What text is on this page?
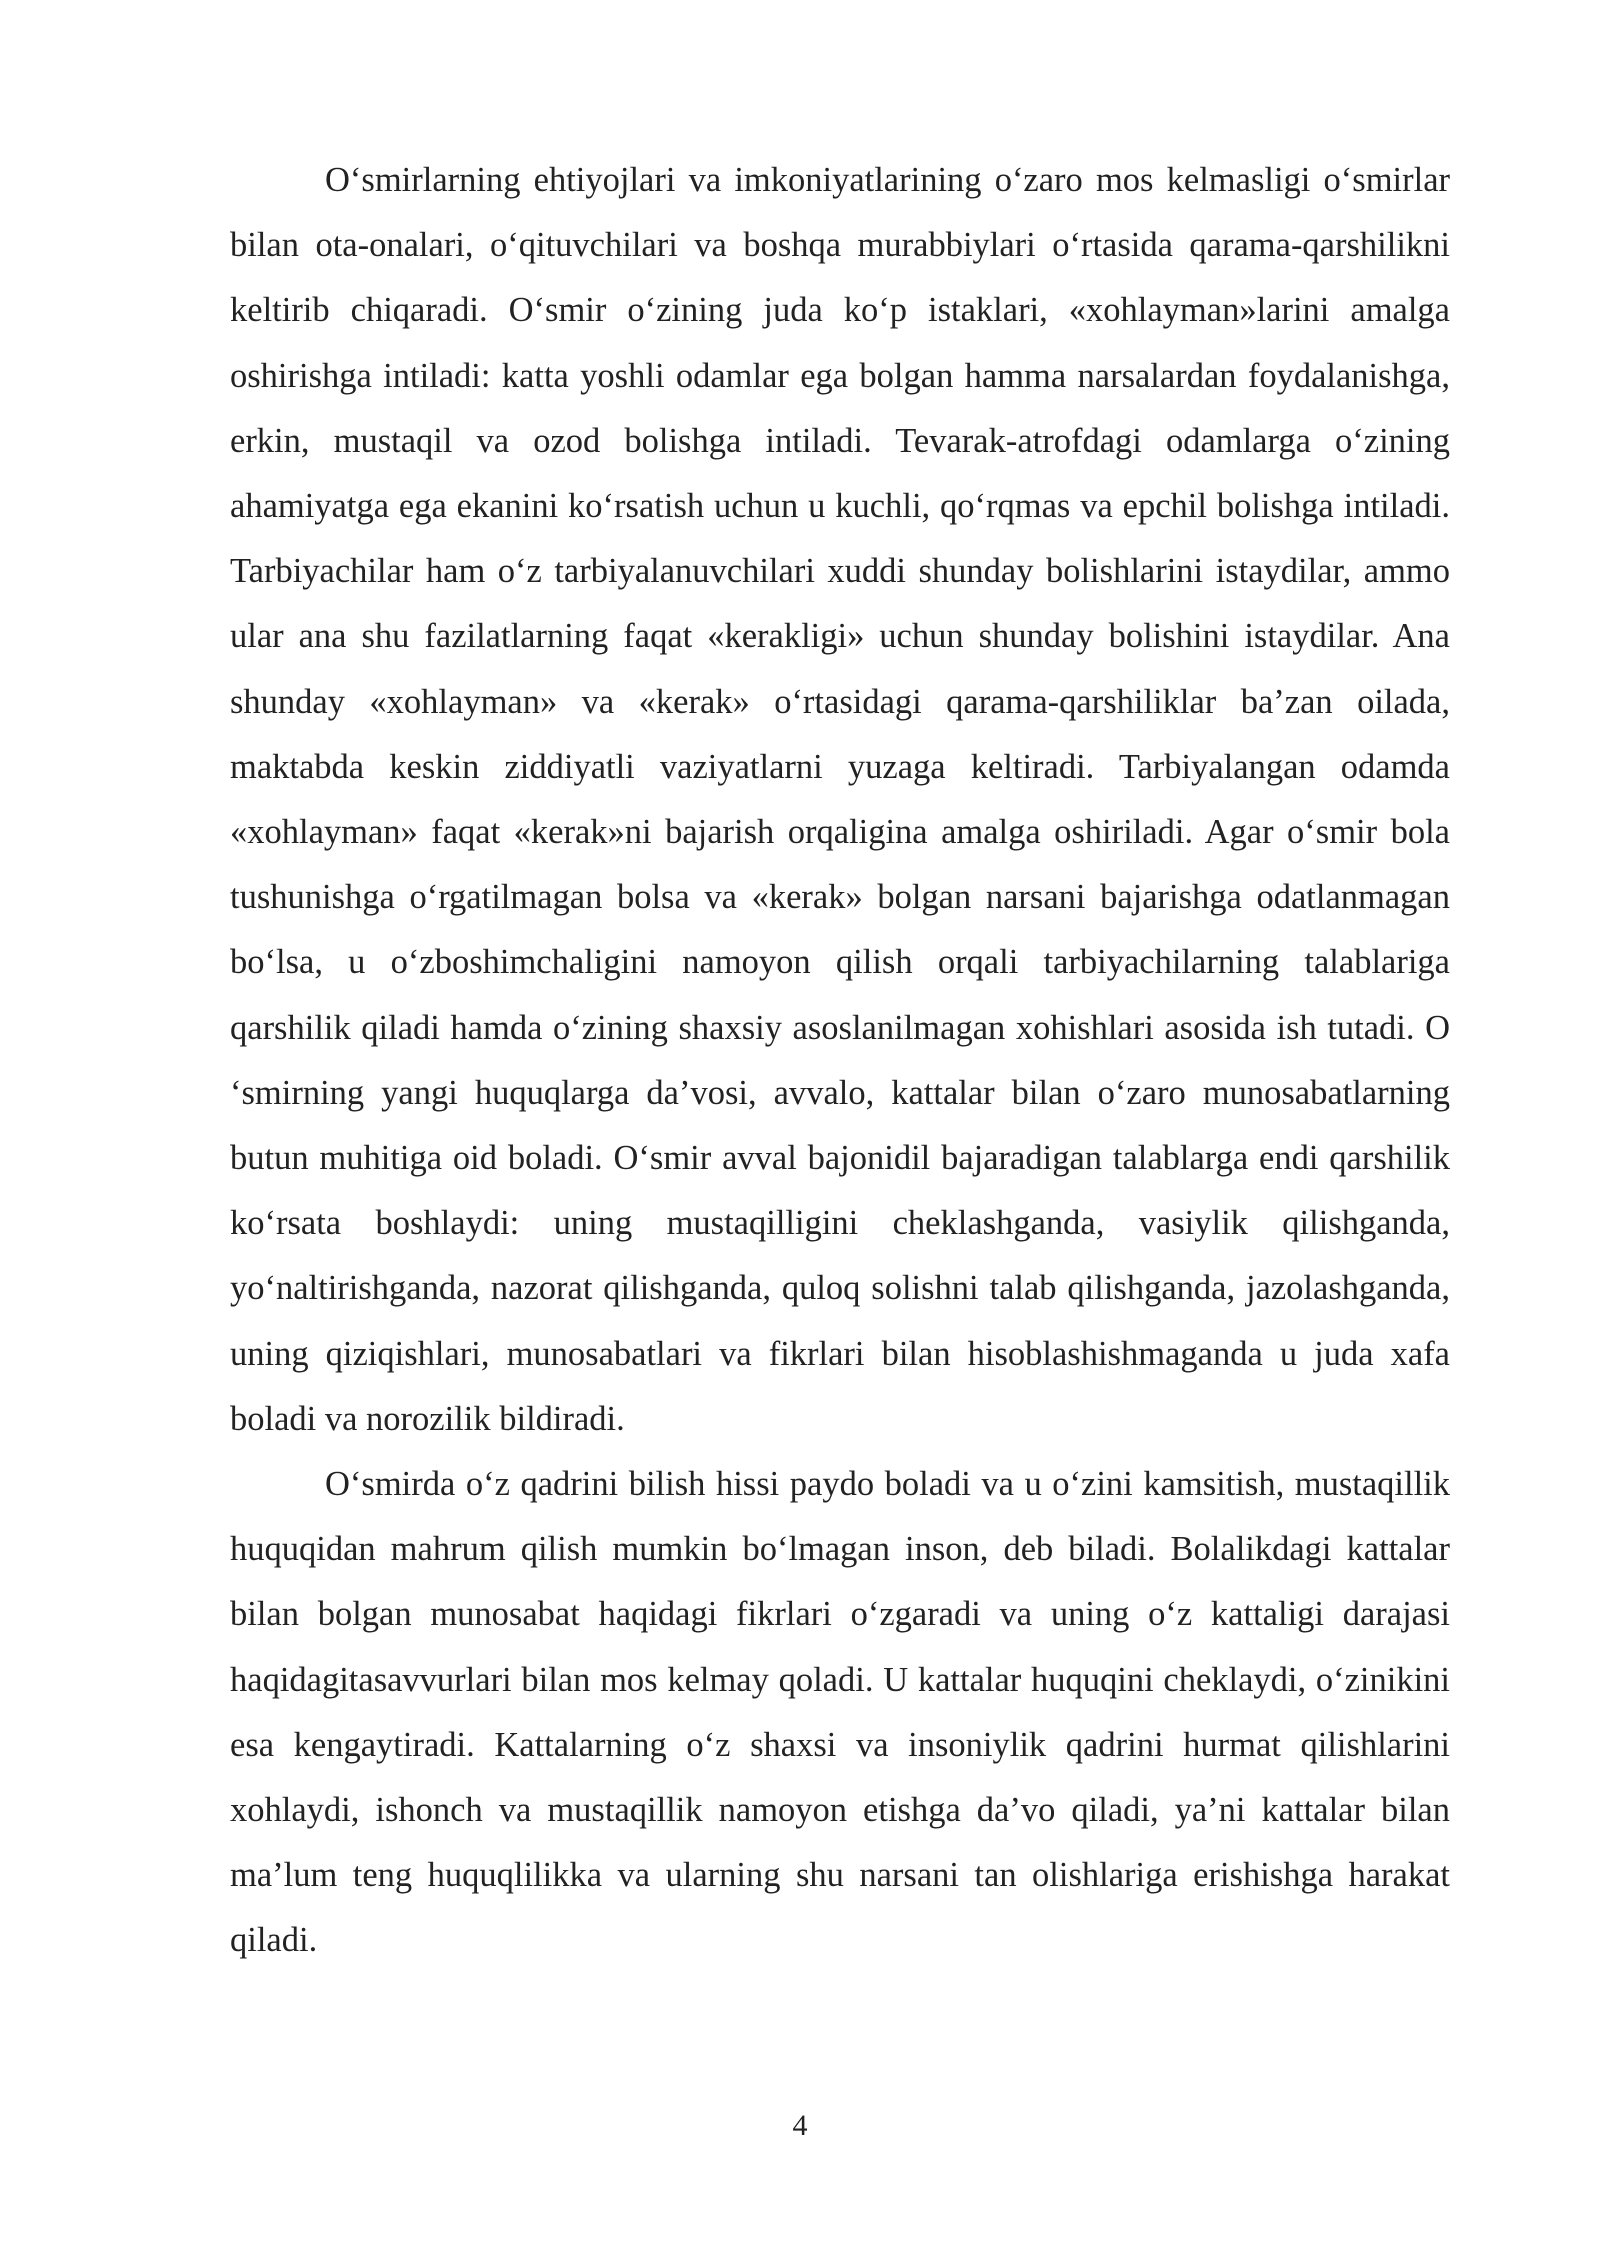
O‘smirlarning ehtiyojlari va imkoniyatlarining o‘zaro mos kelmasligi o‘smirlar bilan ota-onalari, o‘qituvchilari va boshqa murabbiylari o‘rtasida qarama-qarshilikni keltirib chiqaradi. O‘smir o‘zining juda ko‘p istaklari, «xohlayman»larini amalga oshirishga intiladi: katta yoshli odamlar ega bolgan hamma narsalardan foydalanishga, erkin, mustaqil va ozod bolishga intiladi. Tevarak-atrofdagi odamlarga o‘zining ahamiyatga ega ekanini ko‘rsatish uchun u kuchli, qo‘rqmas va epchil bolishga intiladi. Tarbiyachilar ham o‘z tarbiyalanuvchilari xuddi shunday bolishlarini istaydilar, ammo ular ana shu fazilatlarning faqat «kerakligi» uchun shunday bolishini istaydilar. Ana shunday «xohlayman» va «kerak» o‘rtasidagi qarama-qarshiliklar ba’zan oilada, maktabda keskin ziddiyatli vaziyatlarni yuzaga keltiradi. Tarbiyalangan odamda «xohlayman» faqat «kerak»ni bajarish orqaligina amalga oshiriladi. Agar o‘smir bola tushunishga o‘rgatilmagan bolsa va «kerak» bolgan narsani bajarishga odatlanmagan bo‘lsa, u o‘zboshimchaligini namoyon qilish orqali tarbiyachilarning talablariga qarshilik qiladi hamda o‘zining shaxsiy asoslanilmagan xohishlari asosida ish tutadi. O ‘smirning yangi huquqlarga da’vosi, avvalo, kattalar bilan o‘zaro munosabatlarning butun muhitiga oid boladi. O‘smir avval bajonidil bajaradigan talablarga endi qarshilik ko‘rsata boshlaydi: uning mustaqilligini cheklashganda, vasiylik qilishganda, yo‘naltirishganda, nazorat qilishganda, quloq solishni talab qilishganda, jazolashganda, uning qiziqishlari, munosabatlari va fikrlari bilan hisoblashishmaganda u juda xafa boladi va norozilik bildiradi.

O‘smirda o‘z qadrini bilish hissi paydo boladi va u o‘zini kamsitish, mustaqillik huquqidan mahrum qilish mumkin bo‘lmagan inson, deb biladi. Bolalikdagi kattalar bilan bolgan munosabat haqidagi fikrlari o‘zgaradi va uning o‘z kattaligi darajasi haqidagitasavvurlari bilan mos kelmay qoladi. U kattalar huquqini cheklaydi, o‘zinikini esa kengaytiradi. Kattalarning o‘z shaxsi va insoniylik qadrini hurmat qilishlarini xohlaydi, ishonch va mustaqillik namoyon etishga da’vo qiladi, ya’ni kattalar bilan ma’lum teng huquqlilikka va ularning shu narsani tan olishlariga erishishga harakat qiladi.

4
